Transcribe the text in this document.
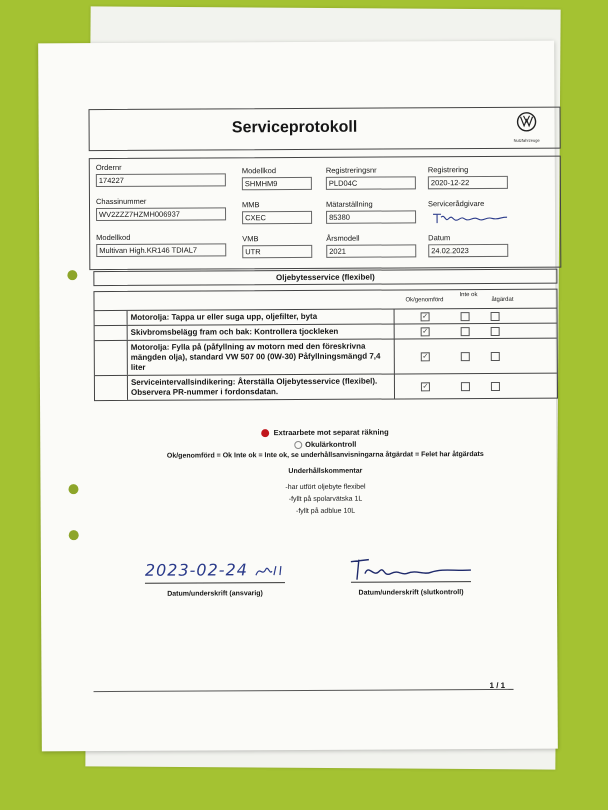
Serviceprotokoll
Nutzfahrzeuge
Ordernr
174227
Modellkod
SHMHM9
Registreringsnr
PLD04C
Registrering
2020-12-22
Chassinummer
WV2ZZZ7HZMH006937
MMB
CXEC
Mätarställning
85380
Servicerådgivare
Modellkod
Multivan High.KR146 TDIAL7
VMB
UTR
Årsmodell
2021
Datum
24.02.2023
Oljebytesservice (flexibel)
Ok/genomförd
Inte ok
åtgärdat
Motorolja: Tappa ur eller suga upp, oljefilter, byta	✓
Skivbromsbelägg fram och bak: Kontrollera tjockleken	✓
Motorolja: Fylla på (påfyllning av motorn med den föreskrivna mängden olja), standard VW 507 00 (0W-30) Påfyllningsmängd 7,4 liter
✓
Serviceintervallsindikering: Återställa Oljebytesservice (flexibel). Observera PR-nummer i fordonsdatan.
✓
Extraarbete mot separat räkning
Okulärkontroll
Ok/genomförd = Ok Inte ok = Inte ok, se underhållsanvisningarna åtgärdat = Felet har åtgärdats
Underhållskommentar
-har utfört oljebyte flexibel
-fyllt på spolarvätska 1L
-fyllt på adblue 10L
2023-02-24
Datum/underskrift (ansvarig)	Datum/underskrift (slutkontroll)
1 / 1
